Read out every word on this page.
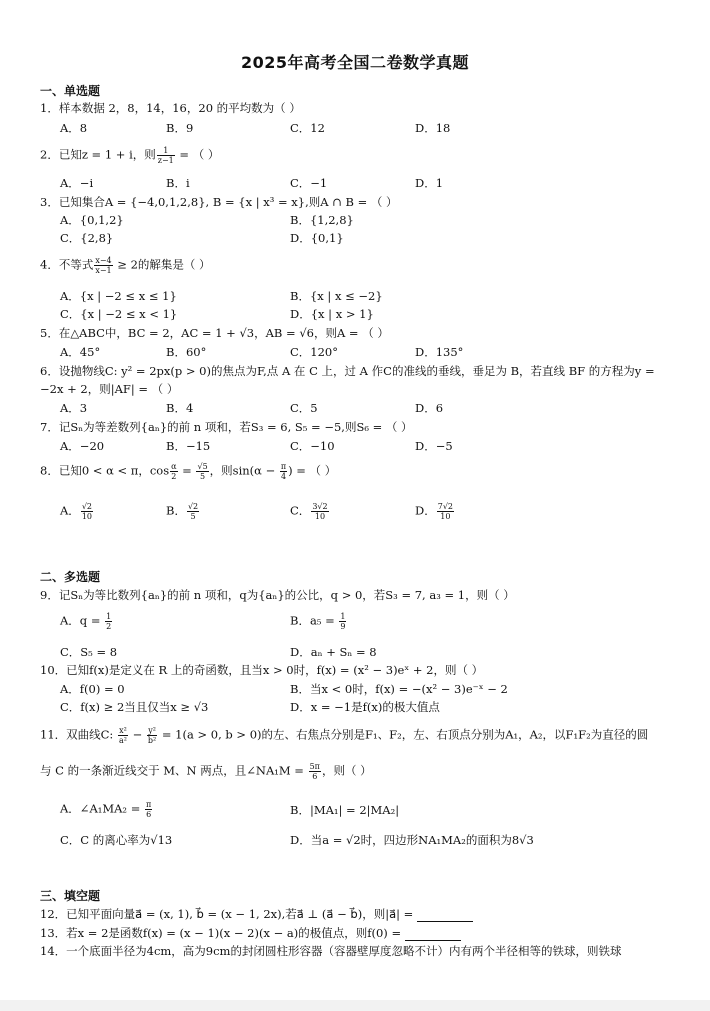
2025年高考全国二卷数学真题
一、单选题
1．样本数据 2，8，14，16，20 的平均数为（ ）
A．8	B．9	C．12	D．18
2．已知z = 1 + i，则 $\frac{1}{z-1}$ = （ ）
A．−i	B．i	C．−1	D．1
3．已知集合A = {−4,0,1,2,8}, B = {x | x³ = x},则A ∩ B = （ ）
A．{0,1,2}	B．{1,2,8}
C．{2,8}	D．{0,1}
4．不等式 $\frac{x-4}{x-1} \ge 2$的解集是（ ）
A．{x | −2 ≤ x ≤ 1}	B．{x | x ≤ −2}
C．{x | −2 ≤ x < 1}	D．{x | x > 1}
5．在△ABC中，BC = 2，AC = 1 + √3，AB = √6，则A = （ ）
A．45°	B．60°	C．120°	D．135°
6．设抛物线C: y² = 2px(p > 0)的焦点为F,点 A 在 C 上，过 A 作C的准线的垂线，垂足为 B，若直线 BF 的方程为y =
−2x + 2，则|AF| = （ ）
A．3	B．4	C．5	D．6
7．记Sₙ为等差数列{aₙ}的前 n 项和，若S₃ = 6, S₅ = −5,则S₆ = （ ）
A．−20	B．−15	C．−10	D．−5
8．已知0 < α < π，$\cos \frac{\alpha}{2} = \frac{√5}{5}$ ，则$\sin(\alpha - \frac{\pi}{4}$ ) = （ ）
A． $\frac{√2}{10}$	B． $\frac{√2}{5}$	C． $\frac{3√2}{10}$	D． $\frac{7√2}{10}$
二、多选题
9．记Sₙ为等比数列{aₙ}的前 n 项和，q为{aₙ}的公比，q > 0，若S₃ = 7, a₃ = 1，则（ ）
A．$q = \frac{1}{2}$	B．$a_5 = \frac{1}{9}$
C．S₅ = 8	D．aₙ + Sₙ = 8
10．已知f(x)是定义在 R 上的奇函数，且当x > 0时，f(x) = (x² − 3)eˣ + 2，则（ ）
A．f(0) = 0	B．当x < 0时，f(x) = −(x² − 3)e⁻ˣ − 2
C．f(x) ≥ 2当且仅当x ≥ √3	D．x = −1是f(x)的极大值点
11．双曲线C: $\frac{\text{x²}}{\text{a²}} - \frac{\text{y²}}{\text{b²}} = 1(a > 0$, b > 0)的左、右焦点分别是F₁、F₂，左、右顶点分别为A₁，A₂，以F₁F₂为直径的圆
与 C 的一条渐近线交于 M、N 两点，且∠NA₁M = $\frac{5\pi}{6}$ ，则（ ）
A．∠A₁MA₂ = $\frac{\pi}{6}$	B．|MA₁| = 2|MA₂|
C．C 的离心率为√13	D．当a = √2时，四边形NA₁MA₂的面积为8√3
三、填空题
12．已知平面向量a⃗ = (x, 1), b⃗ = (x − 1, 2x),若a⃗ ⊥ (a⃗ − b⃗)，则|a⃗| =
13．若x = 2是函数f(x) = (x − 1)(x − 2)(x − a)的极值点，则f(0) =
14．一个底面半径为4cm，高为9cm的封闭圆柱形容器（容器壁厚度忽略不计）内有两个半径相等的铁球，则铁球
